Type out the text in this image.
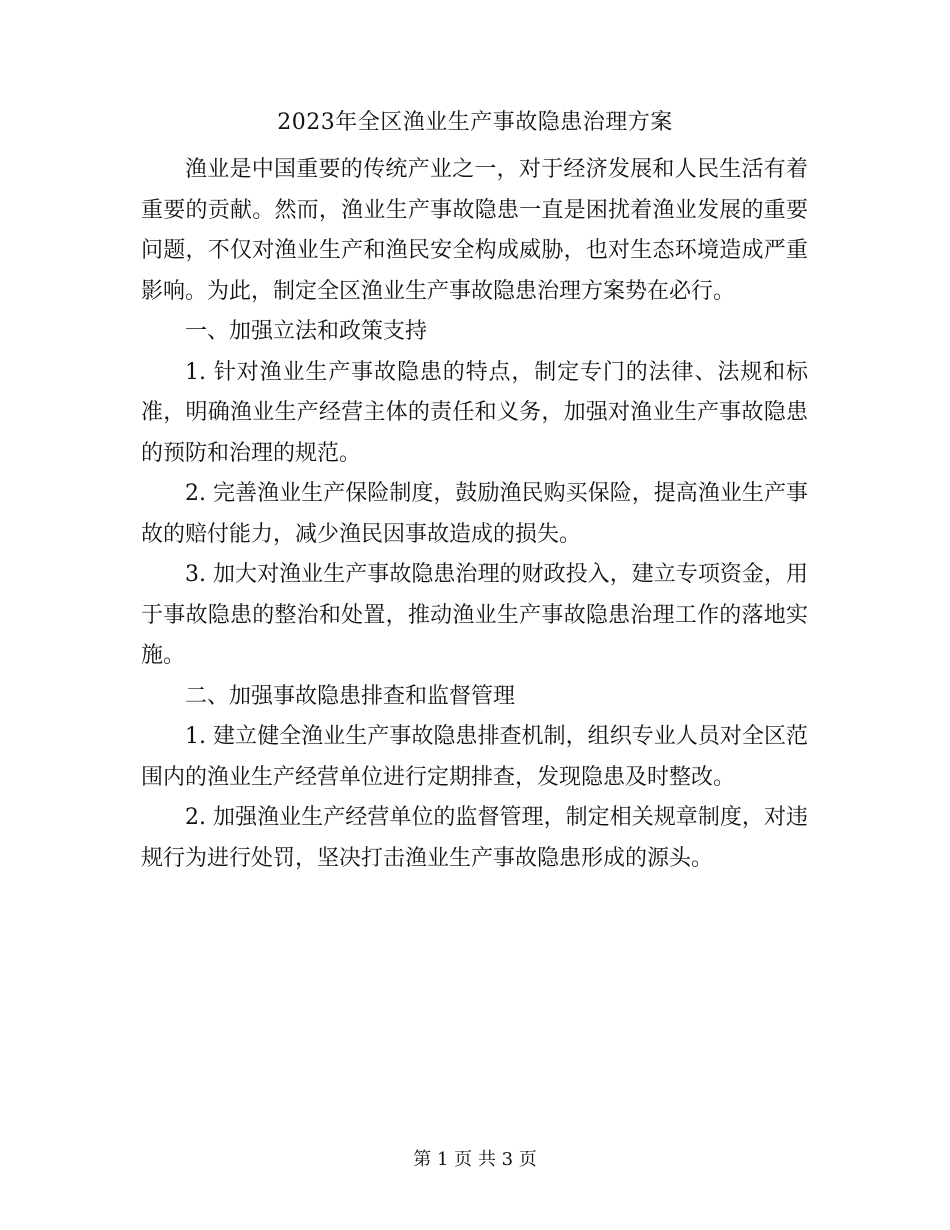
2023年全区渔业生产事故隐患治理方案

渔业是中国重要的传统产业之一，对于经济发展和人民生活有着重要的贡献。然而，渔业生产事故隐患一直是困扰着渔业发展的重要问题，不仅对渔业生产和渔民安全构成威胁，也对生态环境造成严重影响。为此，制定全区渔业生产事故隐患治理方案势在必行。

一、加强立法和政策支持

1. 针对渔业生产事故隐患的特点，制定专门的法律、法规和标准，明确渔业生产经营主体的责任和义务，加强对渔业生产事故隐患的预防和治理的规范。

2. 完善渔业生产保险制度，鼓励渔民购买保险，提高渔业生产事故的赔付能力，减少渔民因事故造成的损失。

3. 加大对渔业生产事故隐患治理的财政投入，建立专项资金，用于事故隐患的整治和处置，推动渔业生产事故隐患治理工作的落地实施。

二、加强事故隐患排查和监督管理

1. 建立健全渔业生产事故隐患排查机制，组织专业人员对全区范围内的渔业生产经营单位进行定期排查，发现隐患及时整改。

2. 加强渔业生产经营单位的监督管理，制定相关规章制度，对违规行为进行处罚，坚决打击渔业生产事故隐患形成的源头。

第 1 页 共 3 页
